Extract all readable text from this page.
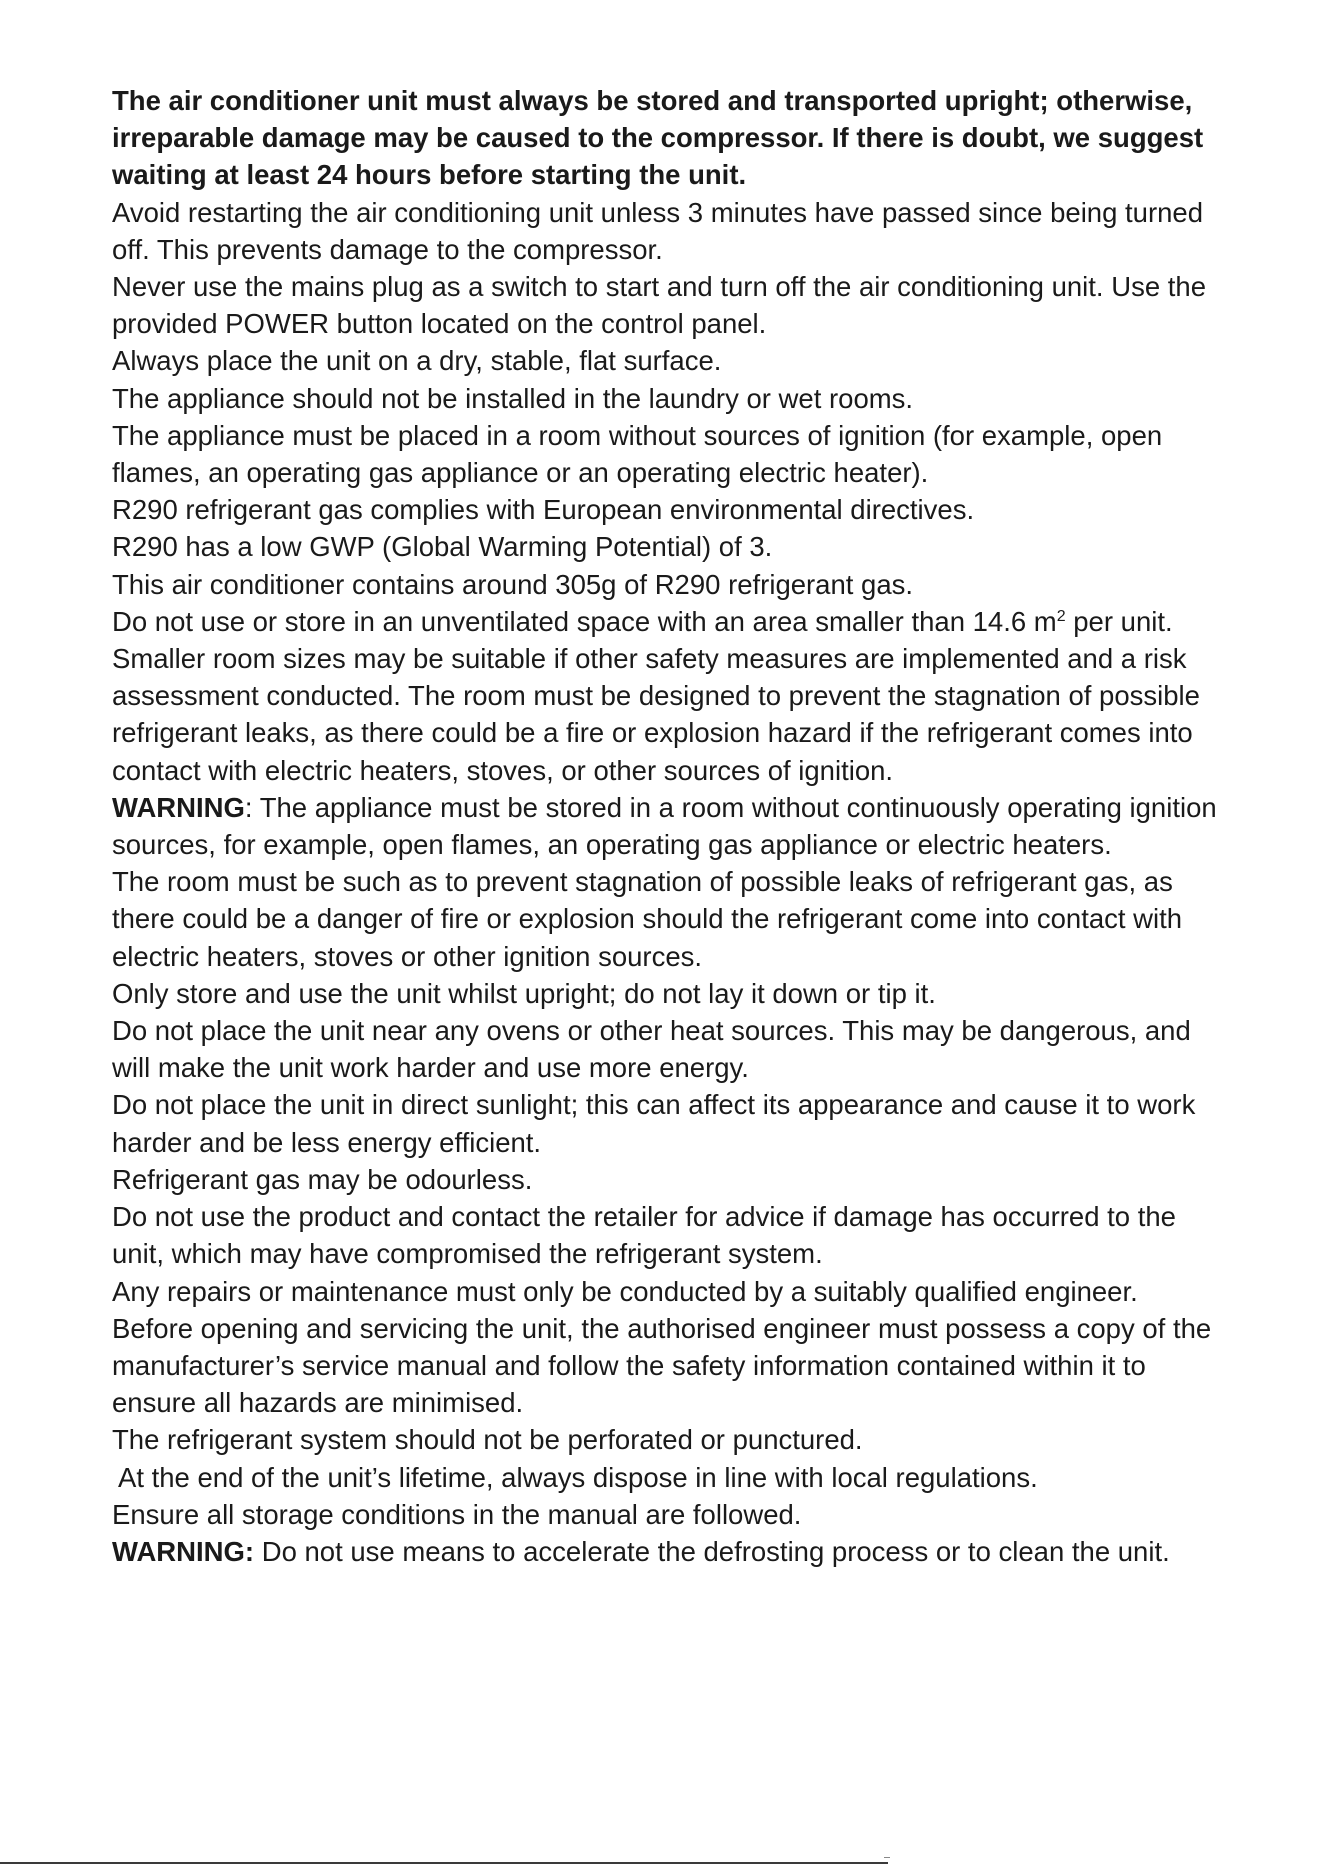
The air conditioner unit must always be stored and transported upright; otherwise, irreparable damage may be caused to the compressor. If there is doubt, we suggest waiting at least 24 hours before starting the unit.

Avoid restarting the air conditioning unit unless 3 minutes have passed since being turned off. This prevents damage to the compressor.

Never use the mains plug as a switch to start and turn off the air conditioning unit. Use the provided POWER button located on the control panel.

Always place the unit on a dry, stable, flat surface.

The appliance should not be installed in the laundry or wet rooms.

The appliance must be placed in a room without sources of ignition (for example, open flames, an operating gas appliance or an operating electric heater).

R290 refrigerant gas complies with European environmental directives.

R290 has a low GWP (Global Warming Potential) of 3.

This air conditioner contains around 305g of R290 refrigerant gas.

Do not use or store in an unventilated space with an area smaller than 14.6 $m^2$ per unit. Smaller room sizes may be suitable if other safety measures are implemented and a risk assessment conducted. The room must be designed to prevent the stagnation of possible refrigerant leaks, as there could be a fire or explosion hazard if the refrigerant comes into contact with electric heaters, stoves, or other sources of ignition.

WARNING: The appliance must be stored in a room without continuously operating ignition sources, for example, open flames, an operating gas appliance or electric heaters.

The room must be such as to prevent stagnation of possible leaks of refrigerant gas, as there could be a danger of fire or explosion should the refrigerant come into contact with electric heaters, stoves or other ignition sources.

Only store and use the unit whilst upright; do not lay it down or tip it.

Do not place the unit near any ovens or other heat sources. This may be dangerous, and will make the unit work harder and use more energy.

Do not place the unit in direct sunlight; this can affect its appearance and cause it to work harder and be less energy efficient.

Refrigerant gas may be odourless.

Do not use the product and contact the retailer for advice if damage has occurred to the unit, which may have compromised the refrigerant system.

Any repairs or maintenance must only be conducted by a suitably qualified engineer.

Before opening and servicing the unit, the authorised engineer must possess a copy of the manufacturer’s service manual and follow the safety information contained within it to ensure all hazards are minimised.

The refrigerant system should not be perforated or punctured.

At the end of the unit’s lifetime, always dispose in line with local regulations.

Ensure all storage conditions in the manual are followed.

WARNING: Do not use means to accelerate the defrosting process or to clean the unit.
